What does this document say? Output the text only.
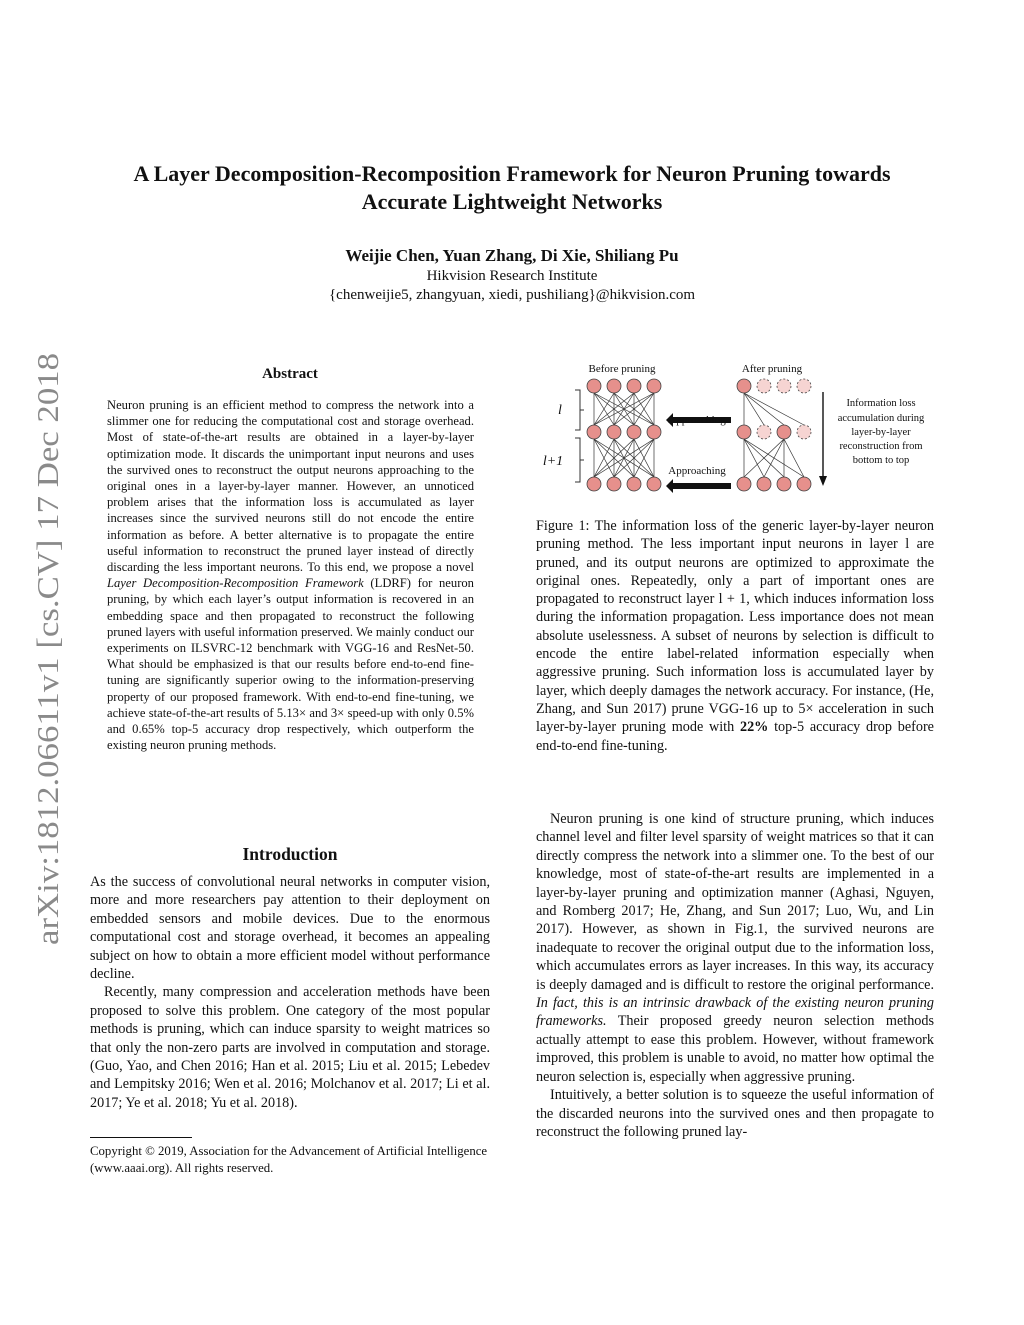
arXiv:1812.06611v1 [cs.CV] 17 Dec 2018
A Layer Decomposition-Recomposition Framework for Neuron Pruning towards
Accurate Lightweight Networks
Weijie Chen, Yuan Zhang, Di Xie, Shiliang Pu
Hikvision Research Institute
{chenweijie5, zhangyuan, xiedi, pushiliang}@hikvision.com
Abstract
Neuron pruning is an efficient method to compress the network into a slimmer one for reducing the computational cost and storage overhead. Most of state-of-the-art results are obtained in a layer-by-layer optimization mode. It discards the unimportant input neurons and uses the survived ones to reconstruct the output neurons approaching to the original ones in a layer-by-layer manner. However, an unnoticed problem arises that the information loss is accumulated as layer increases since the survived neurons still do not encode the entire information as before. A better alternative is to propagate the entire useful information to reconstruct the pruned layer instead of directly discarding the less important neurons. To this end, we propose a novel Layer Decomposition-Recomposition Framework (LDRF) for neuron pruning, by which each layer’s output information is recovered in an embedding space and then propagated to reconstruct the following pruned layers with useful information preserved. We mainly conduct our experiments on ILSVRC-12 benchmark with VGG-16 and ResNet-50. What should be emphasized is that our results before end-to-end fine-tuning are significantly superior owing to the information-preserving property of our proposed framework. With end-to-end fine-tuning, we achieve state-of-the-art results of 5.13× and 3× speed-up with only 0.5% and 0.65% top-5 accuracy drop respectively, which outperform the existing neuron pruning methods.
Introduction

As the success of convolutional neural networks in computer vision, more and more researchers pay attention to their deployment on embedded sensors and mobile devices. Due to the enormous computational cost and storage overhead, it becomes an appealing subject on how to obtain a more efficient model without performance decline.

Recently, many compression and acceleration methods have been proposed to solve this problem. One category of the most popular methods is pruning, which can induce sparsity to weight matrices so that only the non-zero parts are involved in computation and storage. (Guo, Yao, and Chen 2016; Han et al. 2015; Liu et al. 2015; Lebedev and Lempitsky 2016; Wen et al. 2016; Molchanov et al. 2017; Li et al. 2017; Ye et al. 2018; Yu et al. 2018).

Copyright © 2019, Association for the Advancement of Artificial Intelligence (www.aaai.org). All rights reserved.
Before pruning	After pruning
l
l+1
Approaching
Approaching
Information loss
accumulation during
layer-by-layer
reconstruction from
bottom to top
Figure 1: The information loss of the generic layer-by-layer neuron pruning method. The less important input neurons in layer l are pruned, and its output neurons are optimized to approximate the original ones. Repeatedly, only a part of important ones are propagated to reconstruct layer l + 1, which induces information loss during the information propagation. Less importance does not mean absolute uselessness. A subset of neurons by selection is difficult to encode the entire label-related information especially when aggressive pruning. Such information loss is accumulated layer by layer, which deeply damages the network accuracy. For instance, (He, Zhang, and Sun 2017) prune VGG-16 up to 5× acceleration in such layer-by-layer pruning mode with 22% top-5 accuracy drop before end-to-end fine-tuning.

Neuron pruning is one kind of structure pruning, which induces channel level and filter level sparsity of weight matrices so that it can directly compress the network into a slimmer one. To the best of our knowledge, most of state-of-the-art results are implemented in a layer-by-layer pruning and optimization manner (Aghasi, Nguyen, and Romberg 2017; He, Zhang, and Sun 2017; Luo, Wu, and Lin 2017). However, as shown in Fig.1, the survived neurons are inadequate to recover the original output due to the information loss, which accumulates errors as layer increases. In this way, its accuracy is deeply damaged and is difficult to restore the original performance. In fact, this is an intrinsic drawback of the existing neuron pruning frameworks. Their proposed greedy neuron selection methods actually attempt to ease this problem. However, without framework improved, this problem is unable to avoid, no matter how optimal the neuron selection is, especially when aggressive pruning.

Intuitively, a better solution is to squeeze the useful information of the discarded neurons into the survived ones and then propagate to reconstruct the following pruned lay-
